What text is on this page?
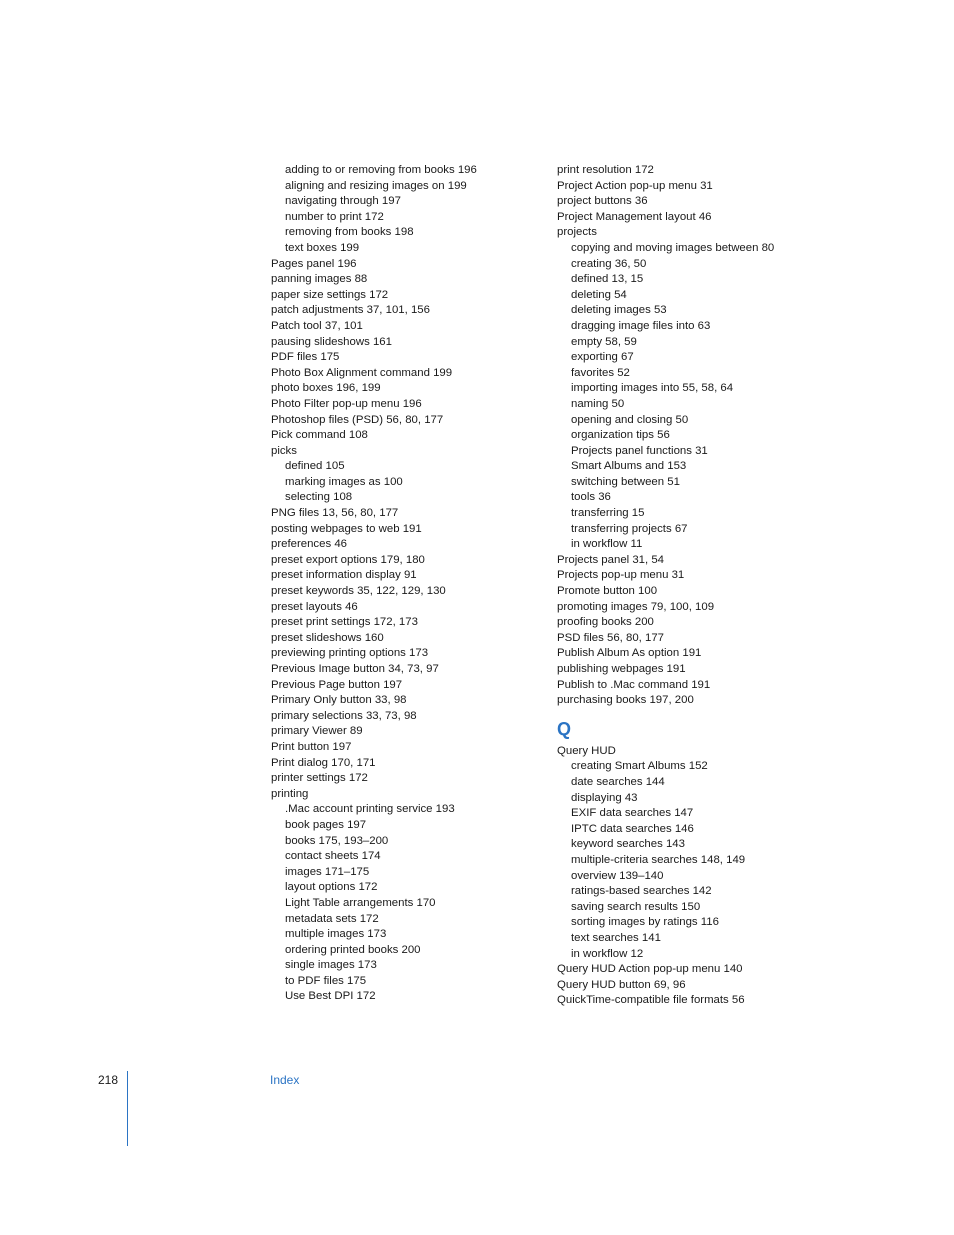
adding to or removing from books 196
aligning and resizing images on 199
navigating through 197
number to print 172
removing from books 198
text boxes 199
Pages panel 196
panning images 88
paper size settings 172
patch adjustments 37, 101, 156
Patch tool 37, 101
pausing slideshows 161
PDF files 175
Photo Box Alignment command 199
photo boxes 196, 199
Photo Filter pop-up menu 196
Photoshop files (PSD) 56, 80, 177
Pick command 108
picks
defined 105
marking images as 100
selecting 108
PNG files 13, 56, 80, 177
posting webpages to web 191
preferences 46
preset export options 179, 180
preset information display 91
preset keywords 35, 122, 129, 130
preset layouts 46
preset print settings 172, 173
preset slideshows 160
previewing printing options 173
Previous Image button 34, 73, 97
Previous Page button 197
Primary Only button 33, 98
primary selections 33, 73, 98
primary Viewer 89
Print button 197
Print dialog 170, 171
printer settings 172
printing
.Mac account printing service 193
book pages 197
books 175, 193–200
contact sheets 174
images 171–175
layout options 172
Light Table arrangements 170
metadata sets 172
multiple images 173
ordering printed books 200
single images 173
to PDF files 175
Use Best DPI 172
print resolution 172
Project Action pop-up menu 31
project buttons 36
Project Management layout 46
projects
copying and moving images between 80
creating 36, 50
defined 13, 15
deleting 54
deleting images 53
dragging image files into 63
empty 58, 59
exporting 67
favorites 52
importing images into 55, 58, 64
naming 50
opening and closing 50
organization tips 56
Projects panel functions 31
Smart Albums and 153
switching between 51
tools 36
transferring 15
transferring projects 67
in workflow 11
Projects panel 31, 54
Projects pop-up menu 31
Promote button 100
promoting images 79, 100, 109
proofing books 200
PSD files 56, 80, 177
Publish Album As option 191
publishing webpages 191
Publish to .Mac command 191
purchasing books 197, 200
Q
Query HUD
creating Smart Albums 152
date searches 144
displaying 43
EXIF data searches 147
IPTC data searches 146
keyword searches 143
multiple-criteria searches 148, 149
overview 139–140
ratings-based searches 142
saving search results 150
sorting images by ratings 116
text searches 141
in workflow 12
Query HUD Action pop-up menu 140
Query HUD button 69, 96
QuickTime-compatible file formats 56
218	Index
